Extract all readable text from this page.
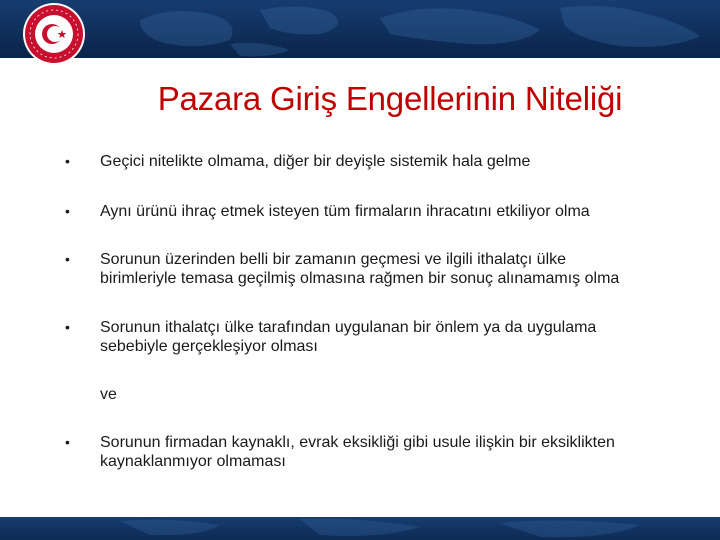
Pazara Giriş Engellerinin Niteliği
•	Geçici nitelikte olmama, diğer bir deyişle sistemik hala gelme
•	Aynı ürünü ihraç etmek isteyen tüm firmaların ihracatını etkiliyor olma
•	Sorunun üzerinden belli bir zamanın geçmesi ve ilgili ithalatçı ülke
birimleriyle temasa geçilmiş olmasına rağmen bir sonuç alınamamış olma
•	Sorunun ithalatçı ülke tarafından uygulanan bir önlem ya da uygulama
sebebiyle gerçekleşiyor olması
ve
•	Sorunun firmadan kaynaklı, evrak eksikliği gibi usule ilişkin bir eksiklikten
kaynaklanmıyor olmaması
